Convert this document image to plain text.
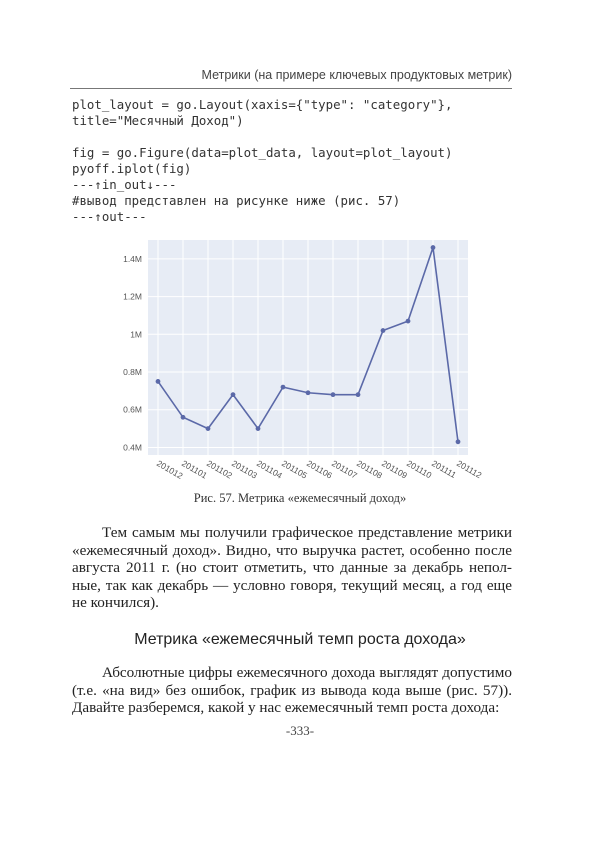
Метрики (на примере ключевых продуктовых метрик)
plot_layout = go.Layout(xaxis={"type": "category"},
title="Месячный Доход")
fig = go.Figure(data=plot_data, layout=plot_layout)
pyoff.iplot(fig)
---↑in_out↓---
#вывод представлен на рисунке ниже (рис. 57)
---↑out---
0.4M
0.6M
0.8M
1M
1.2M
1.4M
201012
201101
201102
201103
201104
201105
201106
201107
201108
201109
201110
201111
201112
Рис. 57. Метрика «ежемесячный доход»

Тем самым мы получили графическое представление метрики «ежемесячный доход». Видно, что выручка растет, особенно после августа 2011 г. (но стоит отметить, что данные за декабрь непол-ные, так как декабрь — условно говоря, текущий месяц, а год еще не кончился).

Метрика «ежемесячный темп роста дохода»

Абсолютные цифры ежемесячного дохода выглядят допустимо (т.е. «на вид» без ошибок, график из вывода кода выше (рис. 57)). Давайте разберемся, какой у нас ежемесячный темп роста дохода:

-333-
